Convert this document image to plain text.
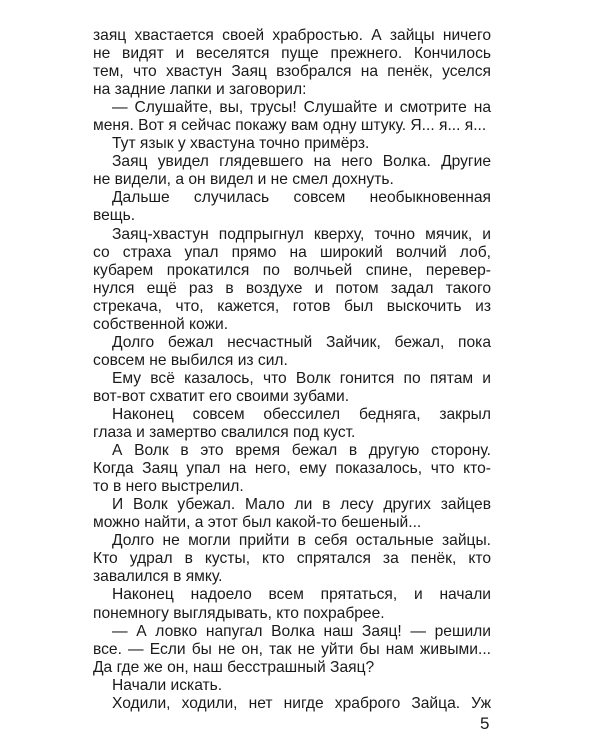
заяц хвастается своей храбростью. А зайцы ничего
не видят и веселятся пуще прежнего. Кончилось
тем, что хвастун Заяц взобрался на пенёк, уселся
на задние лапки и заговорил:
— Слушайте, вы, трусы! Слушайте и смотрите на
меня. Вот я сейчас покажу вам одну штуку. Я... я... я...
Тут язык у хвастуна точно примёрз.
Заяц увидел глядевшего на него Волка. Другие
не видели, а он видел и не смел дохнуть.
Дальше случилась совсем необыкновенная
вещь.
Заяц-хвастун подпрыгнул кверху, точно мячик, и
со страха упал прямо на широкий волчий лоб,
кубарем прокатился по волчьей спине, перевер-
нулся ещё раз в воздухе и потом задал такого
стрекача, что, кажется, готов был выскочить из
собственной кожи.
Долго бежал несчастный Зайчик, бежал, пока
совсем не выбился из сил.
Ему всё казалось, что Волк гонится по пятам и
вот-вот схватит его своими зубами.
Наконец совсем обессилел бедняга, закрыл
глаза и замертво свалился под куст.
А Волк в это время бежал в другую сторону.
Когда Заяц упал на него, ему показалось, что кто-
то в него выстрелил.
И Волк убежал. Мало ли в лесу других зайцев
можно найти, а этот был какой-то бешеный...
Долго не могли прийти в себя остальные зайцы.
Кто удрал в кусты, кто спрятался за пенёк, кто
завалился в ямку.
Наконец надоело всем прятаться, и начали
понемногу выглядывать, кто похрабрее.
— А ловко напугал Волка наш Заяц! — решили
все. — Если бы не он, так не уйти бы нам живыми...
Да где же он, наш бесстрашный Заяц?
Начали искать.
Ходили, ходили, нет нигде храброго Зайца. Уж
5
